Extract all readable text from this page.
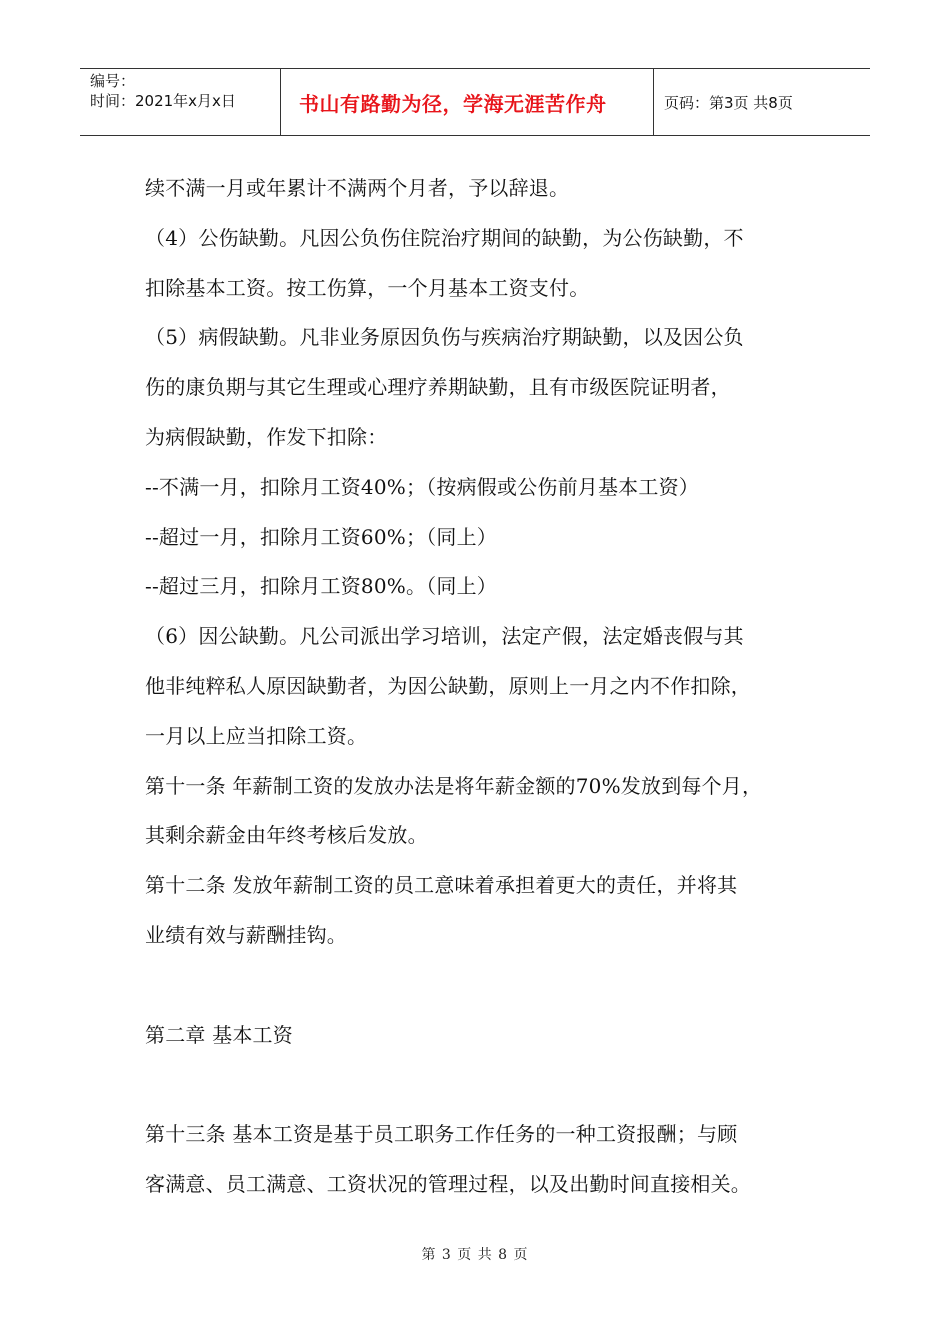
编号：
时间：2021年x月x日	书山有路勤为径，学海无涯苦作舟	页码：第3页 共8页
续不满一月或年累计不满两个月者，予以辞退。
（4）公伤缺勤。凡因公负伤住院治疗期间的缺勤，为公伤缺勤，不
扣除基本工资。按工伤算，一个月基本工资支付。
（5）病假缺勤。凡非业务原因负伤与疾病治疗期缺勤，以及因公负
伤的康负期与其它生理或心理疗养期缺勤，且有市级医院证明者，
为病假缺勤，作发下扣除：
--不满一月，扣除月工资40%；（按病假或公伤前月基本工资）
--超过一月，扣除月工资60%；（同上）
--超过三月，扣除月工资80%。（同上）
（6）因公缺勤。凡公司派出学习培训，法定产假，法定婚丧假与其
他非纯粹私人原因缺勤者，为因公缺勤，原则上一月之内不作扣除，
一月以上应当扣除工资。
第十一条 年薪制工资的发放办法是将年薪金额的70%发放到每个月，
其剩余薪金由年终考核后发放。
第十二条 发放年薪制工资的员工意味着承担着更大的责任，并将其
业绩有效与薪酬挂钩。
第二章 基本工资
第十三条 基本工资是基于员工职务工作任务的一种工资报酬；与顾
客满意、员工满意、工资状况的管理过程，以及出勤时间直接相关。
第 3 页 共 8 页
